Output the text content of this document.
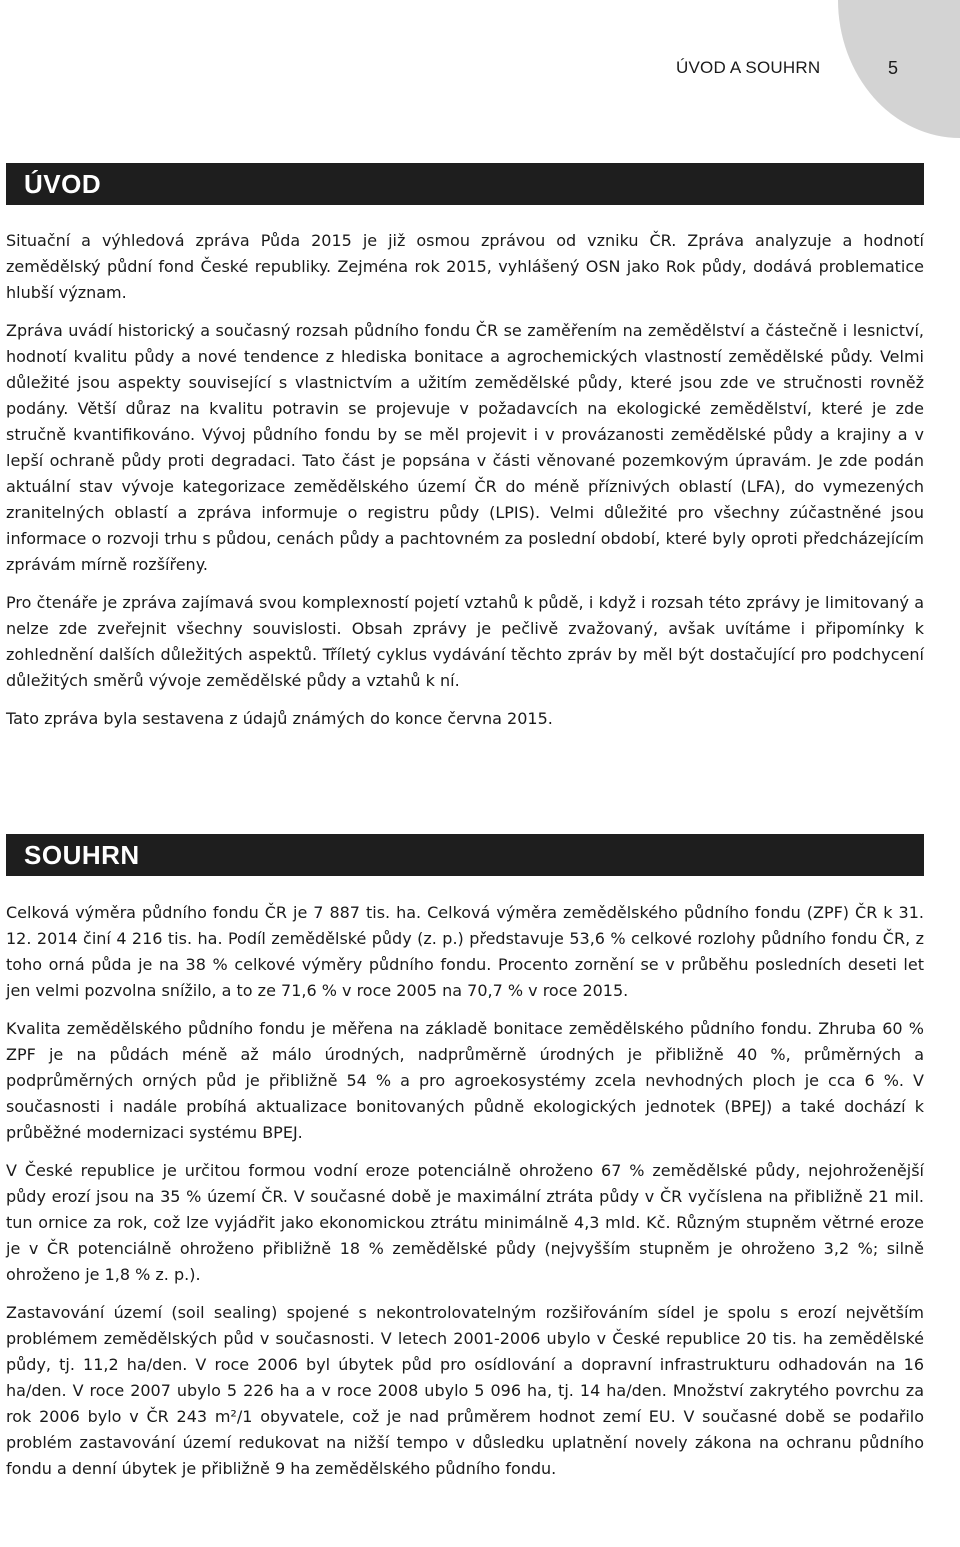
ÚVOD A SOUHRN	5
ÚVOD

Situační a výhledová zpráva Půda 2015 je již osmou zprávou od vzniku ČR. Zpráva analyzuje a hodnotí zemědělský půdní fond České republiky. Zejména rok 2015, vyhlášený OSN jako Rok půdy, dodává problematice hlubší význam.

Zpráva uvádí historický a současný rozsah půdního fondu ČR se zaměřením na zemědělství a částečně i lesnictví, hodnotí kvalitu půdy a nové tendence z hlediska bonitace a agrochemických vlastností zemědělské půdy. Velmi důležité jsou aspekty související s vlastnictvím a užitím zemědělské půdy, které jsou zde ve stručnosti rovněž podány. Větší důraz na kvalitu potravin se projevuje v požadavcích na ekologické zemědělství, které je zde stručně kvantifikováno. Vývoj půdního fondu by se měl projevit i v provázanosti zemědělské půdy a krajiny a v lepší ochraně půdy proti degradaci. Tato část je popsána v části věnované pozemkovým úpravám. Je zde podán aktuální stav vývoje kategorizace zemědělského území ČR do méně příznivých oblastí (LFA), do vymezených zranitelných oblastí a zpráva informuje o registru půdy (LPIS). Velmi důležité pro všechny zúčastněné jsou informace o rozvoji trhu s půdou, cenách půdy a pachtovném za poslední období, které byly oproti předcházejícím zprávám mírně rozšířeny.

Pro čtenáře je zpráva zajímavá svou komplexností pojetí vztahů k půdě, i když i rozsah této zprávy je limitovaný a nelze zde zveřejnit všechny souvislosti. Obsah zprávy je pečlivě zvažovaný, avšak uvítáme i připomínky k zohlednění dalších důležitých aspektů. Tříletý cyklus vydávání těchto zpráv by měl být dostačující pro podchycení důležitých směrů vývoje zemědělské půdy a vztahů k ní.

Tato zpráva byla sestavena z údajů známých do konce června 2015.

SOUHRN

Celková výměra půdního fondu ČR je 7 887 tis. ha. Celková výměra zemědělského půdního fondu (ZPF) ČR k 31. 12. 2014 činí 4 216 tis. ha. Podíl zemědělské půdy (z. p.) představuje 53,6 % celkové rozlohy půdního fondu ČR, z toho orná půda je na 38 % celkové výměry půdního fondu. Procento zornění se v průběhu posledních deseti let jen velmi pozvolna snížilo, a to ze 71,6 % v roce 2005 na 70,7 % v roce 2015.

Kvalita zemědělského půdního fondu je měřena na základě bonitace zemědělského půdního fondu. Zhruba 60 % ZPF je na půdách méně až málo úrodných, nadprůměrně úrodných je přibližně 40 %, průměrných a podprůměrných orných půd je přibližně 54 % a pro agroekosystémy zcela nevhodných ploch je cca 6 %. V současnosti i nadále probíhá aktualizace bonitovaných půdně ekologických jednotek (BPEJ) a také dochází k průběžné modernizaci systému BPEJ.

V České republice je určitou formou vodní eroze potenciálně ohroženo 67 % zemědělské půdy, nejohroženější půdy erozí jsou na 35 % území ČR. V současné době je maximální ztráta půdy v ČR vyčíslena na přibližně 21 mil. tun ornice za rok, což lze vyjádřit jako ekonomickou ztrátu minimálně 4,3 mld. Kč. Různým stupněm větrné eroze je v ČR potenciálně ohroženo přibližně 18 % zemědělské půdy (nejvyšším stupněm je ohroženo 3,2 %; silně ohroženo je 1,8 % z. p.).

Zastavování území (soil sealing) spojené s nekontrolovatelným rozšiřováním sídel je spolu s erozí největším problémem zemědělských půd v současnosti. V letech 2001-2006 ubylo v České republice 20 tis. ha zemědělské půdy, tj. 11,2 ha/den. V roce 2006 byl úbytek půd pro osídlování a dopravní infrastrukturu odhadován na 16 ha/den. V roce 2007 ubylo 5 226 ha a v roce 2008 ubylo 5 096 ha, tj. 14 ha/den. Množství zakrytého povrchu za rok 2006 bylo v ČR 243 m²/1 obyvatele, což je nad průměrem hodnot zemí EU. V současné době se podařilo problém zastavování území redukovat na nižší tempo v důsledku uplatnění novely zákona na ochranu půdního fondu a denní úbytek je přibližně 9 ha zemědělského půdního fondu.
